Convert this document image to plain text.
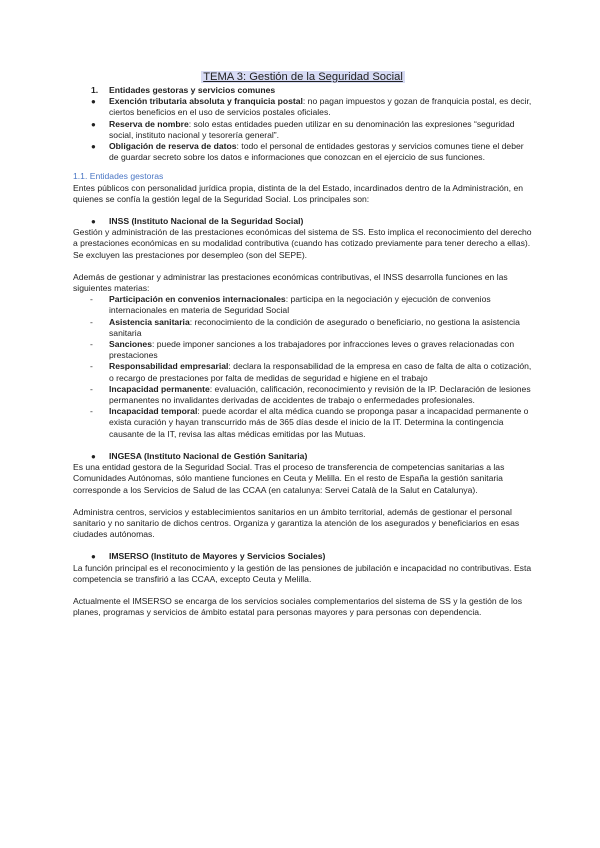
TEMA 3: Gestión de la Seguridad Social
1. Entidades gestoras y servicios comunes
● Exención tributaria absoluta y franquicia postal: no pagan impuestos y gozan de franquicia postal, es decir, ciertos beneficios en el uso de servicios postales oficiales.
● Reserva de nombre: solo estas entidades pueden utilizar en su denominación las expresiones “seguridad social, instituto nacional y tesorería general”.
● Obligación de reserva de datos: todo el personal de entidades gestoras y servicios comunes tiene el deber de guardar secreto sobre los datos e informaciones que conozcan en el ejercicio de sus funciones.
1.1. Entidades gestoras

Entes públicos con personalidad jurídica propia, distinta de la del Estado, incardinados dentro de la Administración, en quienes se confía la gestión legal de la Seguridad Social. Los principales son:

● INSS (Instituto Nacional de la Seguridad Social)

Gestión y administración de las prestaciones económicas del sistema de SS. Esto implica el reconocimiento del derecho a prestaciones económicas en su modalidad contributiva (cuando has cotizado previamente para tener derecho a ellas). Se excluyen las prestaciones por desempleo (son del SEPE).

Además de gestionar y administrar las prestaciones económicas contributivas, el INSS desarrolla funciones en las siguientes materias:

- Participación en convenios internacionales: participa en la negociación y ejecución de convenios internacionales en materia de Seguridad Social
- Asistencia sanitaria: reconocimiento de la condición de asegurado o beneficiario, no gestiona la asistencia sanitaria
- Sanciones: puede imponer sanciones a los trabajadores por infracciones leves o graves relacionadas con prestaciones
- Responsabilidad empresarial: declara la responsabilidad de la empresa en caso de falta de alta o cotización, o recargo de prestaciones por falta de medidas de seguridad e higiene en el trabajo
- Incapacidad permanente: evaluación, calificación, reconocimiento y revisión de la IP. Declaración de lesiones permanentes no invalidantes derivadas de accidentes de trabajo o enfermedades profesionales.
- Incapacidad temporal: puede acordar el alta médica cuando se proponga pasar a incapacidad permanente o exista curación y hayan transcurrido más de 365 días desde el inicio de la IT. Determina la contingencia causante de la IT, revisa las altas médicas emitidas por las Mutuas.
● INGESA (Instituto Nacional de Gestión Sanitaria)

Es una entidad gestora de la Seguridad Social. Tras el proceso de transferencia de competencias sanitarias a las Comunidades Autónomas, sólo mantiene funciones en Ceuta y Melilla. En el resto de España la gestión sanitaria corresponde a los Servicios de Salud de las CCAA (en catalunya: Servei Català de la Salut en Catalunya).

Administra centros, servicios y establecimientos sanitarios en un ámbito territorial, además de gestionar el personal sanitario y no sanitario de dichos centros. Organiza y garantiza la atención de los asegurados y beneficiarios en esas ciudades autónomas.

● IMSERSO (Instituto de Mayores y Servicios Sociales)

La función principal es el reconocimiento y la gestión de las pensiones de jubilación e incapacidad no contributivas. Esta competencia se transfirió a las CCAA, excepto Ceuta y Melilla.

Actualmente el IMSERSO se encarga de los servicios sociales complementarios del sistema de SS y la gestión de los planes, programas y servicios de ámbito estatal para personas mayores y para personas con dependencia.
